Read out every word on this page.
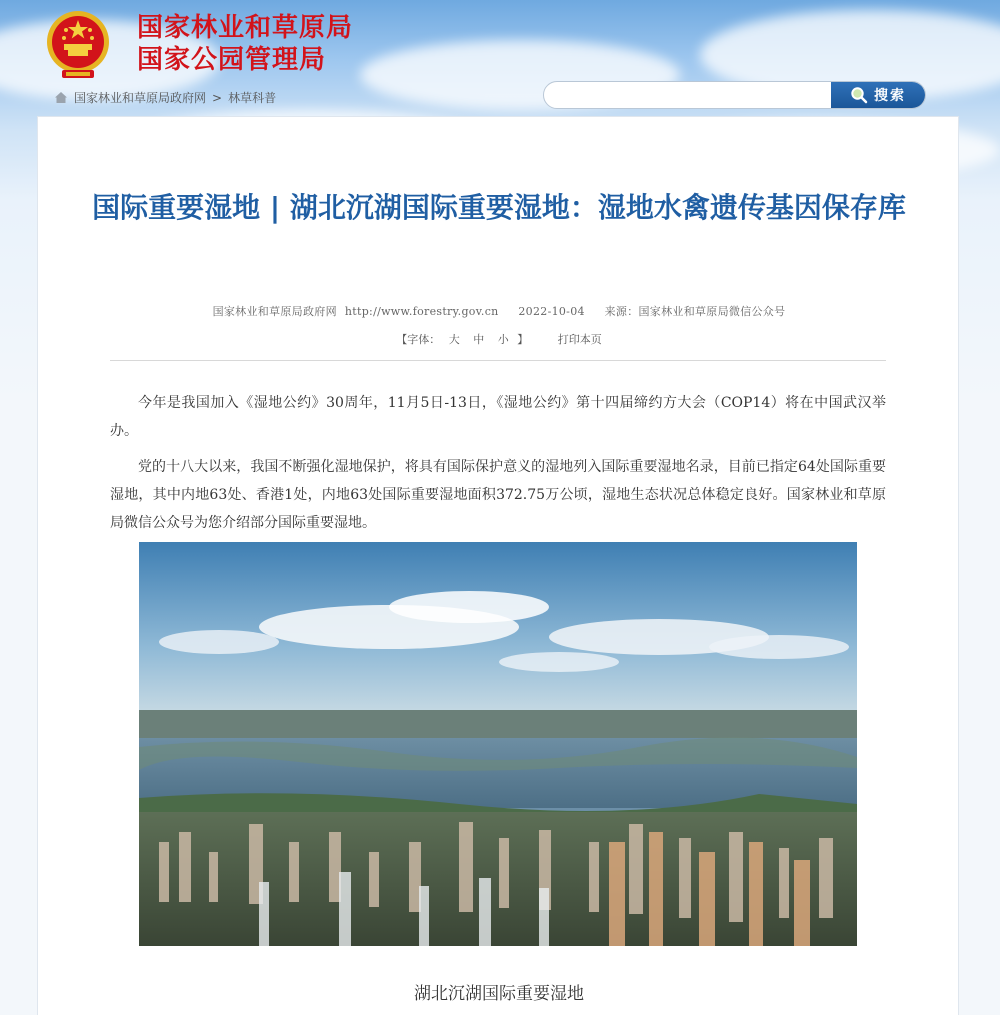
国家林业和草原局
国家公园管理局
国家林业和草原局政府网 > 林草科普	搜索
国际重要湿地 | 湖北沉湖国际重要湿地：湿地水禽遗传基因保存库
国家林业和草原局政府网 http://www.forestry.gov.cn 2022-10-04 来源：国家林业和草原局微信公众号
【字体： 大 中 小 】	打印本页

今年是我国加入《湿地公约》30周年，11月5日-13日，《湿地公约》第十四届缔约方大会（COP14）将在中国武汉举办。

党的十八大以来，我国不断强化湿地保护，将具有国际保护意义的湿地列入国际重要湿地名录，目前已指定64处国际重要湿地，其中内地63处、香港1处，内地63处国际重要湿地面积372.75万公顷，湿地生态状况总体稳定良好。国家林业和草原局微信公众号为您介绍部分国际重要湿地。

湖北沉湖国际重要湿地
